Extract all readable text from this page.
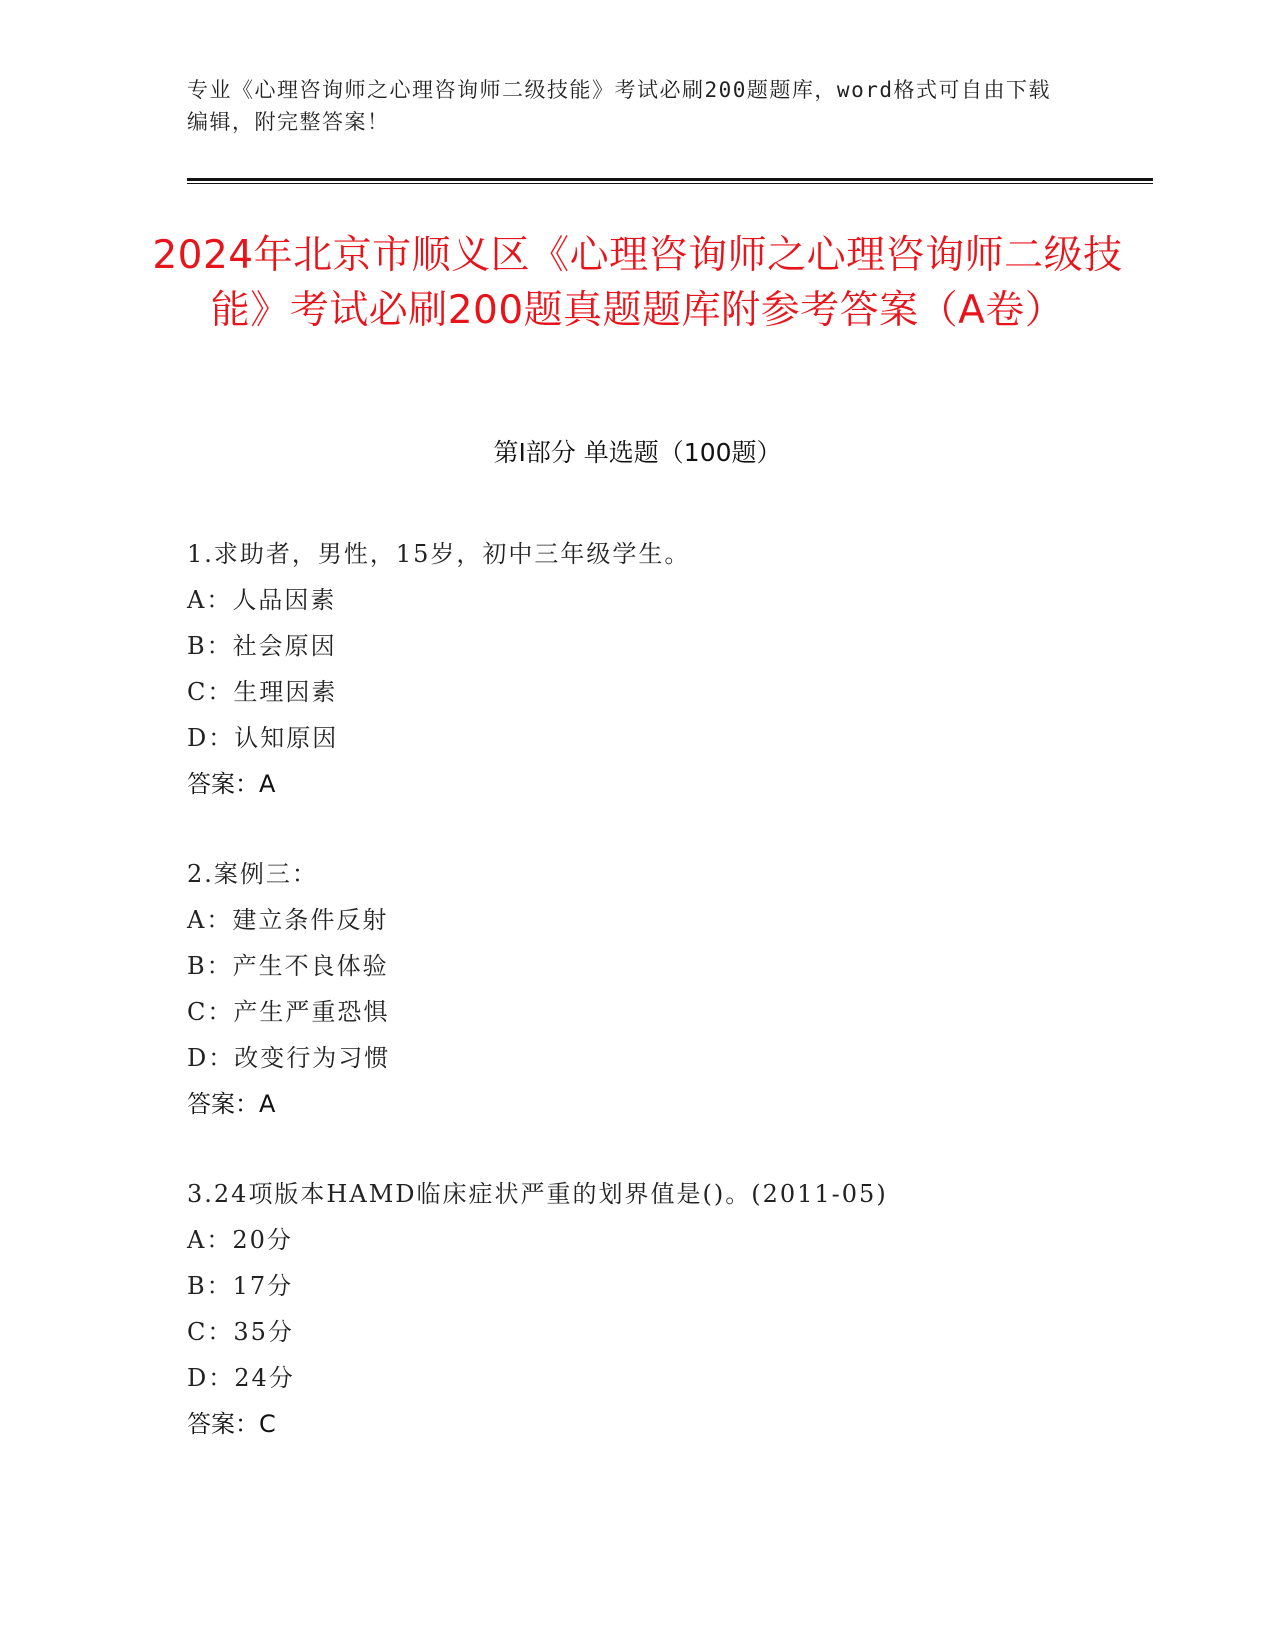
专业《心理咨询师之心理咨询师二级技能》考试必刷200题题库，word格式可自由下载编辑，附完整答案！
2024年北京市顺义区《心理咨询师之心理咨询师二级技能》考试必刷200题真题题库附参考答案（A卷）
第I部分 单选题（100题）
1.求助者，男性，15岁，初中三年级学生。
A：人品因素
B：社会原因
C：生理因素
D：认知原因
答案：A
2.案例三：
A：建立条件反射
B：产生不良体验
C：产生严重恐惧
D：改变行为习惯
答案：A
3.24项版本HAMD临床症状严重的划界值是()。(2011-05)
A：20分
B：17分
C：35分
D：24分
答案：C
